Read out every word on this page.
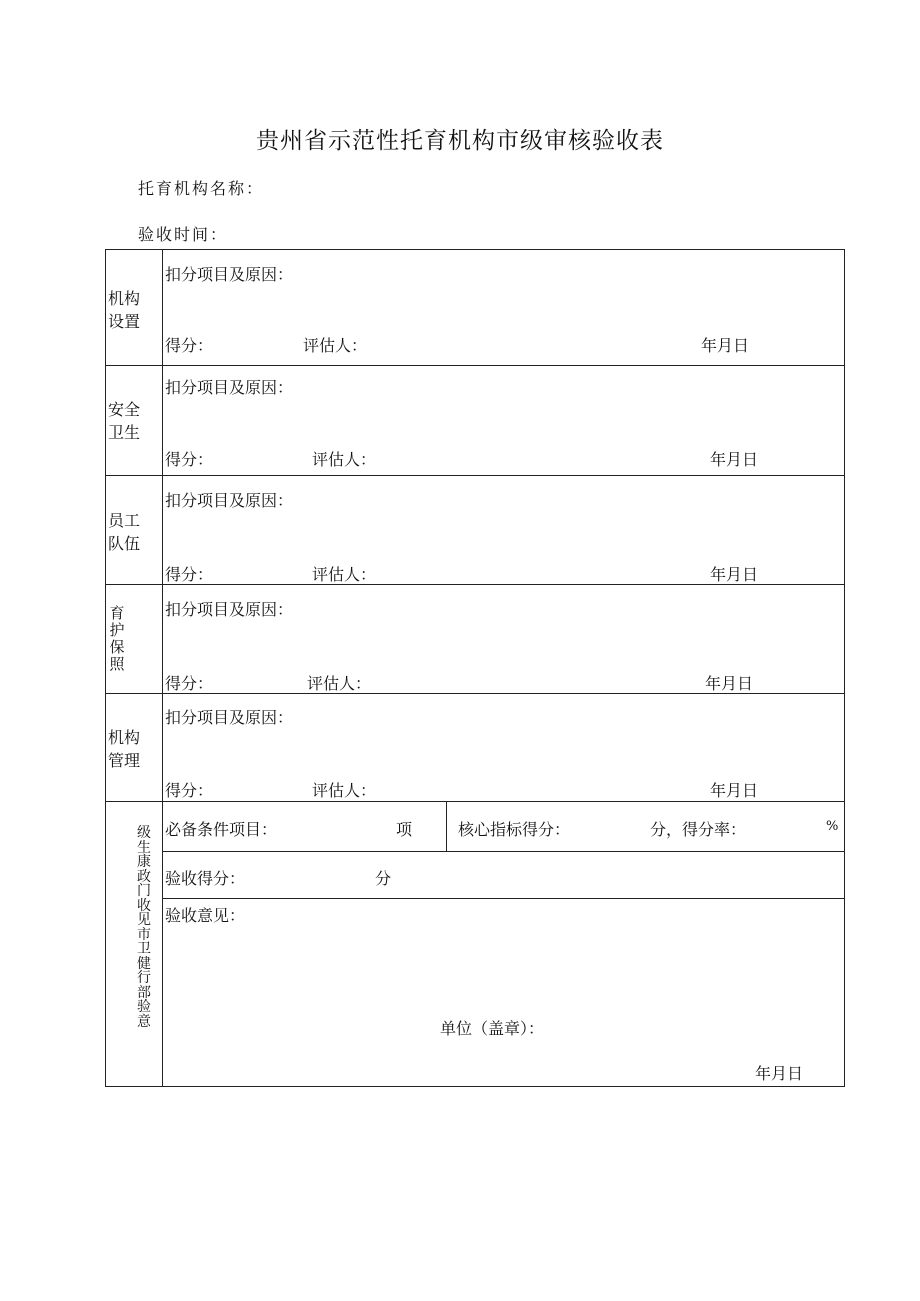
贵州省示范性托育机构市级审核验收表
托育机构名称：
验收时间：
机构
设置
扣分项目及原因：
得分：	评估人：	年月日
安全
卫生
扣分项目及原因：
得分：	评估人：	年月日
员工
队伍
扣分项目及原因：
得分：	评估人：	年月日
育护保照
扣分项目及原因：
得分：	评估人：	年月日
机构
管理
扣分项目及原因：
得分：	评估人：	年月日
级生康政门收见市卫健行部验意
必备条件项目：	项	核心指标得分：	分，得分率：	%
验收得分：	分
验收意见：
单位（盖章）：
年月日
